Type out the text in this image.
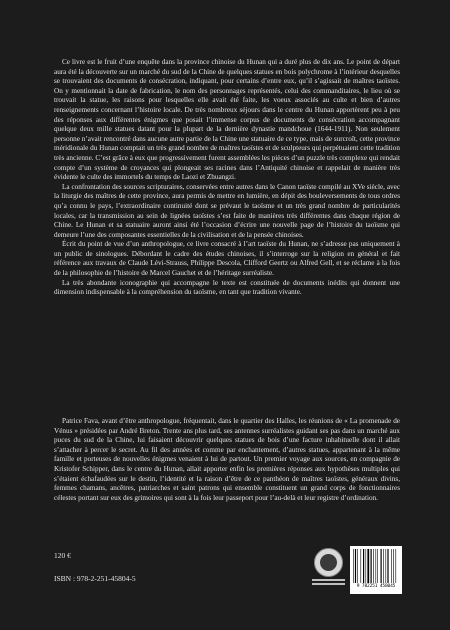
Ce livre est le fruit d’une enquête dans la province chinoise du Hunan qui a duré plus de dix ans. Le point de départ aura été la découverte sur un marché du sud de la Chine de quelques statues en bois polychrome à l’intérieur desquelles se trouvaient des documents de consécration, indiquant, pour certains d’entre eux, qu’il s’agissait de maîtres taoïstes. On y mentionnait la date de fabrication, le nom des personnages représentés, celui des commanditaires, le lieu où se trouvait la statue, les raisons pour lesquelles elle avait été faite, les voeux associés au culte et bien d’autres renseignements concernant l’histoire locale. De très nombreux séjours dans le centre du Hunan apportèrent peu à peu des réponses aux différentes énigmes que posait l’immense corpus de documents de consécration accompagnant quelque deux mille statues datant pour la plupart de la dernière dynastie mandchoue (1644-1911). Non seulement personne n’avait rencontré dans aucune autre partie de la Chine une statuaire de ce type, mais de surcroît, cette province méridionale du Hunan comptait un très grand nombre de maîtres taoïstes et de sculpteurs qui perpétuaient cette tradition très ancienne. C’est grâce à eux que progressivement furent assemblées les pièces d’un puzzle très complexe qui rendait compte d’un système de croyances qui plongeait ses racines dans l’Antiquité chinoise et rappelait de manière très évidente le culte des immortels du temps de Laozi et Zhuangzi.

La confrontation des sources scripturaires, conservées entre autres dans le Canon taoïste compilé au XVe siècle, avec la liturgie des maîtres de cette province, aura permis de mettre en lumière, en dépit des bouleversements de tous ordres qu’a connu le pays, l’extraordinaire continuité dont se prévaut le taoïsme et un très grand nombre de particularités locales, car la transmission au sein de lignées taoïstes s’est faite de manières très différentes dans chaque région de Chine. Le Hunan et sa statuaire auront ainsi été l’occasion d’écrire une nouvelle page de l’histoire du taoïsme qui demeure l’une des composantes essentielles de la civilisation et de la pensée chinoises.

Écrit du point de vue d’un anthropologue, ce livre consacré à l’art taoïste du Hunan, ne s’adresse pas uniquement à un public de sinologues. Débordant le cadre des études chinoises, il s’interroge sur la religion en général et fait référence aux travaux de Claude Lévi-Strauss, Philippe Descola, Clifford Geertz ou Alfred Gell, et se réclame à la fois de la philosophie de l’histoire de Marcel Gauchet et de l’héritage surréaliste.

La très abondante iconographie qui accompagne le texte est constituée de documents inédits qui donnent une dimension indispensable à la compréhension du taoïsme, en tant que tradition vivante.

Patrice Fava, avant d’être anthropologue, fréquentait, dans le quartier des Halles, les réunions de « La promenade de Vénus » présidées par André Breton. Trente ans plus tard, ses antennes surréalistes guidant ses pas dans un marché aux puces du sud de la Chine, lui faisaient découvrir quelques statues de bois d’une facture inhabituelle dont il allait s’attacher à percer le secret. Au fil des années et comme par enchantement, d’autres statues, appartenant à la même famille et porteuses de nouvelles énigmes venaient à lui de partout. Un premier voyage aux sources, en compagnie de Kristofer Schipper, dans le centre du Hunan, allait apporter enfin les premières réponses aux hypothèses multiples qui s’étaient échafaudées sur le destin, l’identité et la raison d’être de ce panthéon de maîtres taoïstes, généraux divins, femmes chamans, ancêtres, patriarches et saint patrons qui ensemble constituent un grand corps de fonctionnaires célestes portant sur eux des grimoires qui sont à la fois leur passeport pour l’au-delà et leur registre d’ordination.

120 €
ISBN : 978-2-251-45804-5
9 782251 458045
